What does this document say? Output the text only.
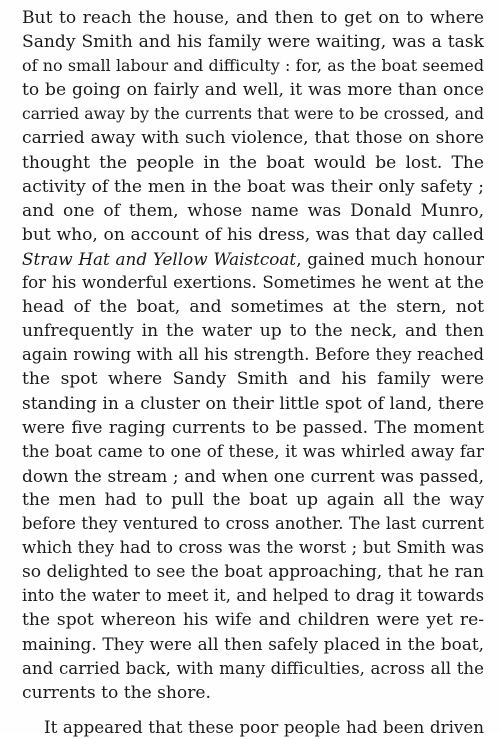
But to reach the house, and then to get on to where
Sandy Smith and his family were waiting, was a task
of no small labour and difficulty : for, as the boat seemed
to be going on fairly and well, it was more than once
carried away by the currents that were to be crossed, and
carried away with such violence, that those on shore
thought the people in the boat would be lost. The
activity of the men in the boat was their only safety ;
and one of them, whose name was Donald Munro,
but who, on account of his dress, was that day called
Straw Hat and Yellow Waistcoat, gained much honour
for his wonderful exertions. Sometimes he went at the
head of the boat, and sometimes at the stern, not
unfrequently in the water up to the neck, and then
again rowing with all his strength. Before they reached
the spot where Sandy Smith and his family were
standing in a cluster on their little spot of land, there
were five raging currents to be passed. The moment
the boat came to one of these, it was whirled away far
down the stream ; and when one current was passed,
the men had to pull the boat up again all the way
before they ventured to cross another. The last current
which they had to cross was the worst ; but Smith was
so delighted to see the boat approaching, that he ran
into the water to meet it, and helped to drag it towards
the spot whereon his wife and children were yet re-
maining. They were all then safely placed in the boat,
and carried back, with many difficulties, across all the
currents to the shore.
It appeared that these poor people had been driven
